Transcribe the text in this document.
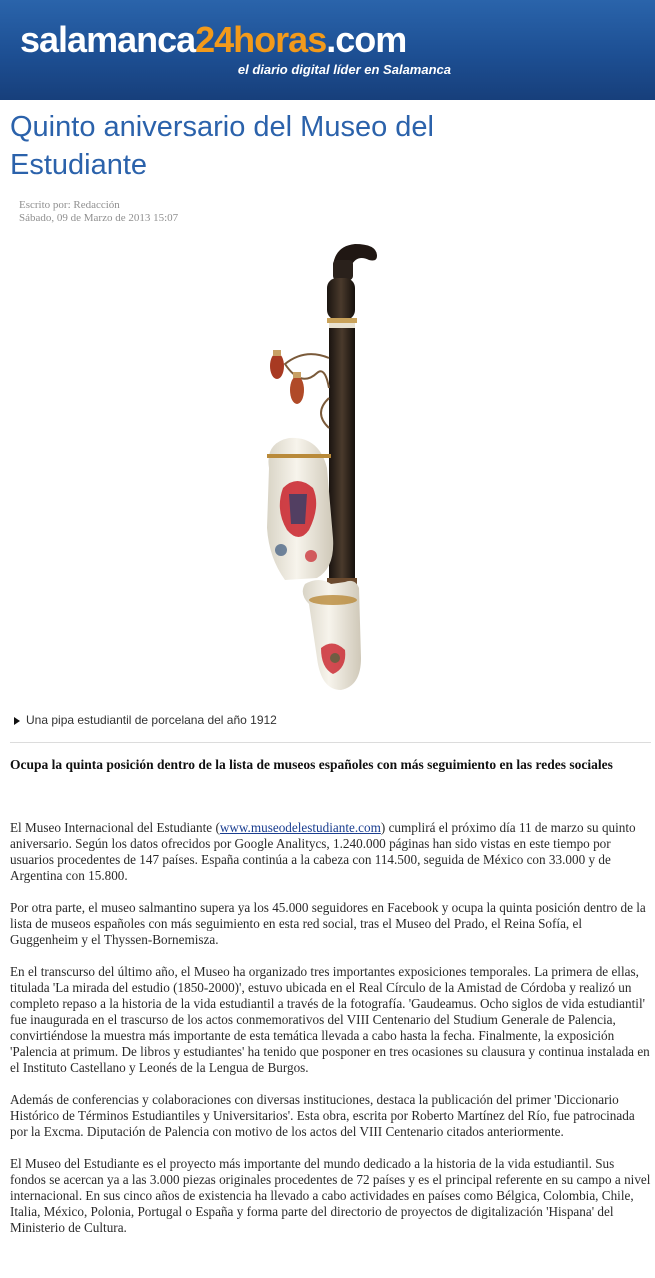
salamanca24horas.com
el diario digital líder en Salamanca
Quinto aniversario del Museo del Estudiante
Escrito por: Redacción
Sábado, 09 de Marzo de 2013 15:07
Una pipa estudiantil de porcelana del año 1912
Ocupa la quinta posición dentro de la lista de museos españoles con más seguimiento en las redes sociales

El Museo Internacional del Estudiante (www.museodelestudiante.com) cumplirá el próximo día 11 de marzo su quinto aniversario. Según los datos ofrecidos por Google Analitycs, 1.240.000 páginas han sido vistas en este tiempo por usuarios procedentes de 147 países. España continúa a la cabeza con 114.500, seguida de México con 33.000 y de Argentina con 15.800.

Por otra parte, el museo salmantino supera ya los 45.000 seguidores en Facebook y ocupa la quinta posición dentro de la lista de museos españoles con más seguimiento en esta red social, tras el Museo del Prado, el Reina Sofía, el Guggenheim y el Thyssen-Bornemisza.

En el transcurso del último año, el Museo ha organizado tres importantes exposiciones temporales. La primera de ellas, titulada 'La mirada del estudio (1850-2000)', estuvo ubicada en el Real Círculo de la Amistad de Córdoba y realizó un completo repaso a la historia de la vida estudiantil a través de la fotografía. 'Gaudeamus. Ocho siglos de vida estudiantil' fue inaugurada en el trascurso de los actos conmemorativos del VIII Centenario del Studium Generale de Palencia, convirtiéndose la muestra más importante de esta temática llevada a cabo hasta la fecha. Finalmente, la exposición 'Palencia at primum. De libros y estudiantes' ha tenido que posponer en tres ocasiones su clausura y continua instalada en el Instituto Castellano y Leonés de la Lengua de Burgos.

Además de conferencias y colaboraciones con diversas instituciones, destaca la publicación del primer 'Diccionario Histórico de Términos Estudiantiles y Universitarios'. Esta obra, escrita por Roberto Martínez del Río, fue patrocinada por la Excma. Diputación de Palencia con motivo de los actos del VIII Centenario citados anteriormente.

El Museo del Estudiante es el proyecto más importante del mundo dedicado a la historia de la vida estudiantil. Sus fondos se acercan ya a las 3.000 piezas originales procedentes de 72 países y es el principal referente en su campo a nivel internacional. En sus cinco años de existencia ha llevado a cabo actividades en países como Bélgica, Colombia, Chile, Italia, México, Polonia, Portugal o España y forma parte del directorio de proyectos de digitalización 'Hispana' del Ministerio de Cultura.
